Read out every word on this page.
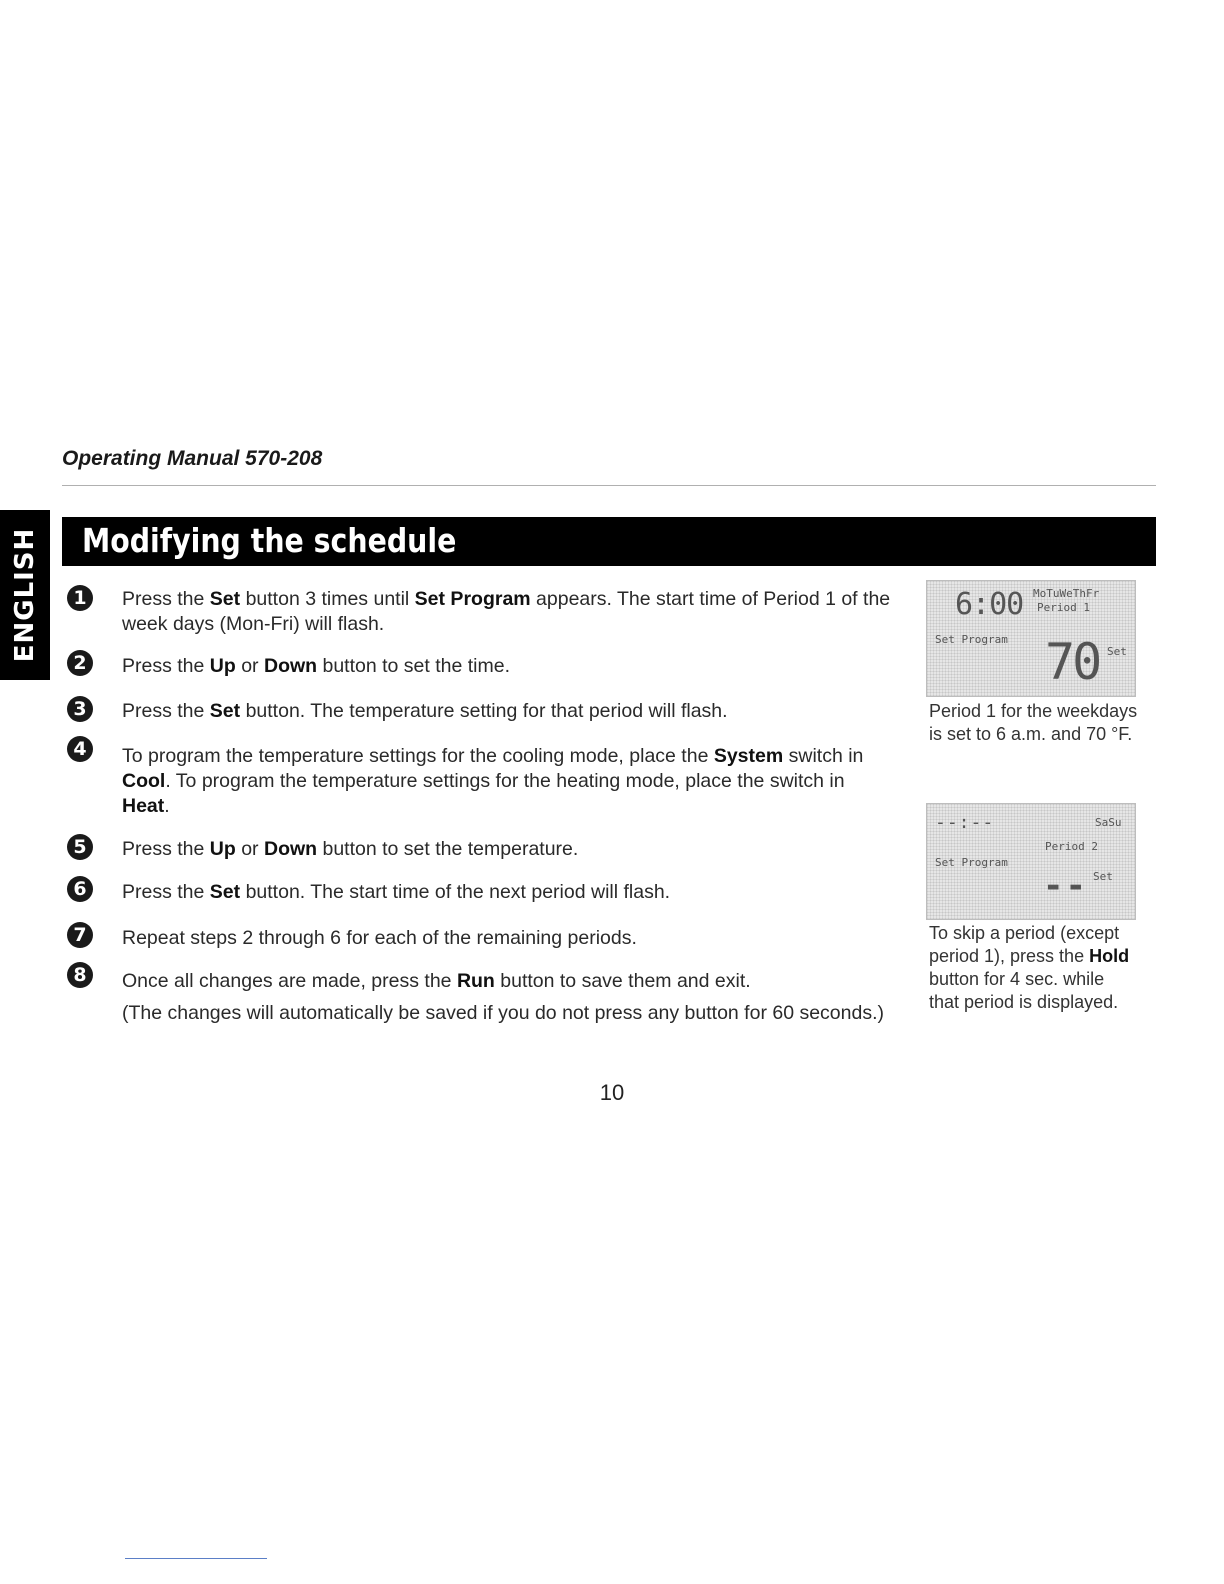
Operating Manual 570-208
ENGLISH Modifying the schedule
1	Press the Set button 3 times until Set Program appears. The start time of Period 1 of the week days (Mon-Fri) will flash.
2	Press the Up or Down button to set the time.
3	Press the Set button. The temperature setting for that period will flash.
4	To program the temperature settings for the cooling mode, place the System switch in Cool. To program the temperature settings for the heating mode, place the switch in Heat.
5	Press the Up or Down button to set the temperature.
6	Press the Set button. The start time of the next period will flash.
7	Repeat steps 2 through 6 for each of the remaining periods.
8	Once all changes are made, press the Run button to save them and exit.
(The changes will automatically be saved if you do not press any button for 60 seconds.)
6:00 MoTuWeThFr
Period 1
Set Program 70 Set
Period 1 for the weekdays is set to 6 a.m. and 70 °F.
--:--	SaSu
Period 2
Set Program
-- Set
To skip a period (except period 1), press the Hold button for 4 sec. while that period is displayed.
10
